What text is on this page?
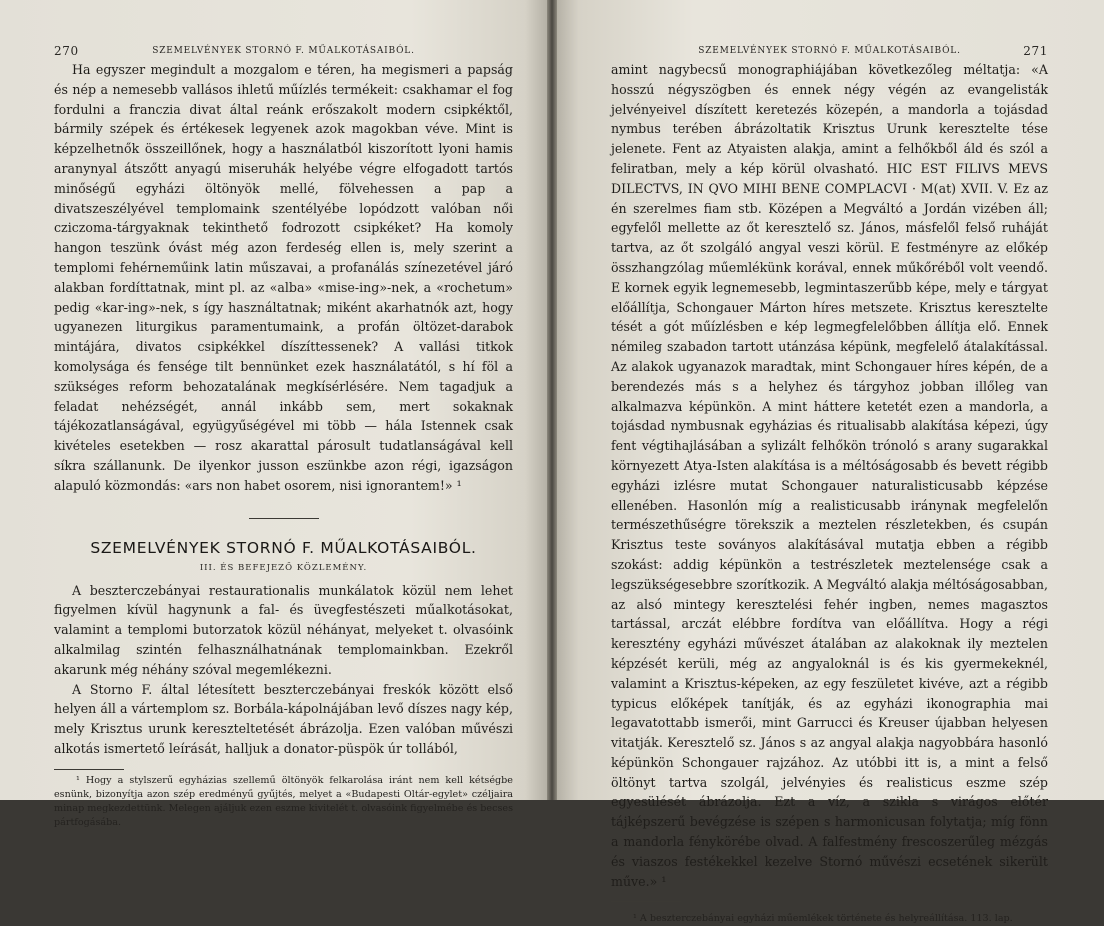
270	SZEMELVÉNYEK STORNÓ F. MŰALKOTÁSAIBÓL.

Ha egyszer megindult a mozgalom e téren, ha megismeri a papság és nép a nemesebb vallásos ihletű műízlés termékeit: csakhamar el fog fordulni a franczia divat által reánk erőszakolt modern csipkéktől, bármily szépek és értékesek legyenek azok magokban véve. Mint is képzelhetnők összeillőnek, hogy a használatból kiszorított lyoni hamis aranynyal átszőtt anyagú miseruhák helyébe végre elfogadott tartós minőségű egyházi öltönyök mellé, fölvehessen a pap a divatszeszélyével templomaink szentélyébe lopódzott valóban női cziczoma-tárgyaknak tekinthető fodrozott csipkéket? Ha komoly hangon teszünk óvást még azon ferdeség ellen is, mely szerint a templomi fehérneműink latin műszavai, a profanálás színezetével járó alakban fordíttatnak, mint pl. az «alba» «mise-ing»-nek, a «rochetum» pedig «kar-ing»-nek, s így használtatnak; miként akarhatnók azt, hogy ugyanezen liturgikus paramentumaink, a profán öltözet-darabok mintájára, divatos csipkékkel díszíttessenek? A vallási titkok komolysága és fensége tilt bennünket ezek használatától, s hí föl a szükséges reform behozatalának megkísérlésére. Nem tagadjuk a feladat nehézségét, annál inkább sem, mert sokaknak tájékozatlanságával, együgyűségével mi több — hála Istennek csak kivételes esetekben — rosz akarattal párosult tudatlanságával kell síkra szállanunk. De ilyenkor jusson eszünkbe azon régi, igazságon alapuló közmondás: «ars non habet osorem, nisi ignorantem!» ¹

SZEMELVÉNYEK STORNÓ F. MŰALKOTÁSAIBÓL.
III. ÉS BEFEJEZŐ KÖZLEMÉNY.

A beszterczebányai restaurationalis munkálatok közül nem lehet figyelmen kívül hagynunk a fal- és üvegfestészeti műalkotásokat, valamint a templomi butorzatok közül néhányat, melyeket t. olvasóink alkalmilag szintén felhasználhatnának templomainkban. Ezekről akarunk még néhány szóval megemlékezni.

A Storno F. által létesített beszterczebányai freskók között első helyen áll a vártemplom sz. Borbála-kápolnájában levő díszes nagy kép, mely Krisztus urunk kereszteltetését ábrázolja. Ezen valóban művészi alkotás ismertető leírását, halljuk a donator-püspök úr tollából,

¹ Hogy a stylszerű egyházias szellemű öltönyök felkarolása iránt nem kell kétségbe esnünk, bizonyítja azon szép eredményű gyűjtés, melyet a «Budapesti Oltár-egylet» czéljaira minap megkezdettünk. Melegen ajáljuk ezen eszme kivitelét t. olvasóink figyelmébe és becses pártfogásába.

SZEMELVÉNYEK STORNÓ F. MŰALKOTÁSAIBÓL.	271

amint nagybecsű monographiájában következőleg méltatja: «A hosszú négyszögben és ennek négy végén az evangelisták jelvényeivel díszített keretezés közepén, a mandorla a tojásdad nymbus terében ábrázoltatik Krisztus Urunk keresztelte tése jelenete. Fent az Atyaisten alakja, amint a felhőkből áld és szól a feliratban, mely a kép körül olvasható. HIC EST FILIVS MEVS DILECTVS, IN QVO MIHI BENE COMPLACVI · M(at) XVII. V. Ez az én szerelmes fiam stb. Középen a Megváltó a Jordán vizében áll; egyfelől mellette az őt keresztelő sz. János, másfelől felső ruháját tartva, az őt szolgáló angyal veszi körül. E festményre az előkép összhangzólag műemlékünk korával, ennek műkőréből volt veendő. E kornek egyik legnemesebb, legmintaszerűbb képe, mely e tárgyat előállítja, Schongauer Márton híres metszete. Krisztus keresztelte tését a gót műízlésben e kép legmegfelelőbben állítja elő. Ennek némileg szabadon tartott utánzása képünk, megfelelő átalakítással. Az alakok ugyanazok maradtak, mint Schongauer híres képén, de a berendezés más s a helyhez és tárgyhoz jobban illőleg van alkalmazva képünkön. A mint háttere ketetét ezen a mandorla, a tojásdad nymbusnak egyházias és ritualisabb alakítása képezi, úgy fent végtihajlásában a sylizált felhőkön trónoló s arany sugarakkal környezett Atya-Isten alakítása is a méltóságosabb és bevett régibb egyházi izlésre mutat Schongauer naturalisticusabb képzése ellenében. Hasonlón míg a realisticusabb iránynak megfelelőn természethűségre törekszik a meztelen részletekben, és csupán Krisztus teste soványos alakításával mutatja ebben a régibb szokást: addig képünkön a testrészletek meztelensége csak a legszükségesebbre szorítkozik. A Megváltó alakja méltóságosabban, az alsó mintegy keresztelési fehér ingben, nemes magasztos tartással, arczát elébbre fordítva van előállítva. Hogy a régi keresztény egyházi művészet átalában az alakoknak ily meztelen képzését kerüli, még az angyaloknál is és kis gyermekeknél, valamint a Krisztus-képeken, az egy feszületet kivéve, azt a régibb typicus előképek tanítják, és az egyházi ikonographia mai legavatottabb ismerői, mint Garrucci és Kreuser újabban helyesen vitatják. Keresztelő sz. János s az angyal alakja nagyobbára hasonló képünkön Schongauer rajzához. Az utóbbi itt is, a mint a felső öltönyt tartva szolgál, jelvényies és realisticus eszme szép egyesülését ábrázolja. Ezt a víz, a szikla s virágos előtér tájképszerű bevégzése is szépen s harmonicusan folytatja; míg fönn a mandorla fénykörébe olvad. A falfestmény frescoszerűleg mézgás és viaszos festékekkel kezelve Stornó művészi ecsetének sikerült műve.» ¹

¹ A beszterczebányai egyházi műemlékek története és helyreállítása. 113. lap.
